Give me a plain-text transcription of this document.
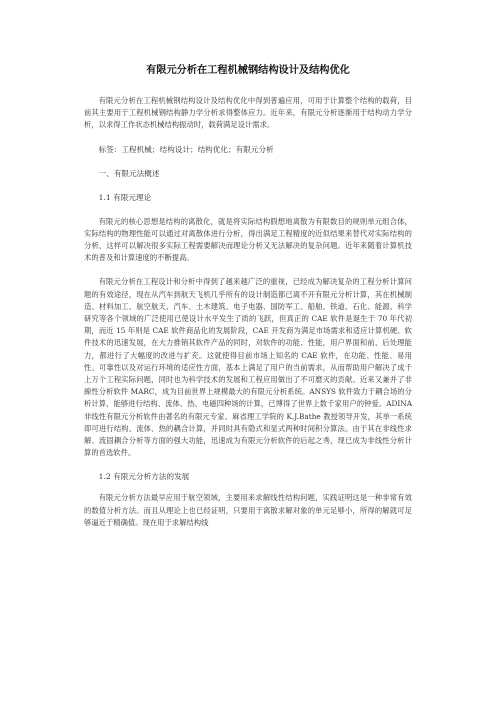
有限元分析在工程机械钢结构设计及结构优化

有限元分析在工程机械钢结构设计及结构优化中得到普遍应用，可用于计算整个结构的载荷，目前其主要用于工程机械钢结构静力学分析求得整体应力。近年来，有限元分析逐渐用于结构动力学分析，以求得工作状态机械结构振动时，载荷满足设计需求。

标签：工程机械；结构设计；结构优化；有限元分析

一、有限元法概述

1.1 有限元理论

有限元的核心思想是结构的离散化，就是将实际结构假想地离散为有限数目的规则单元组合体，实际结构的物理性能可以通过对离散体进行分析，得出满足工程精度的近似结果来替代对实际结构的分析，这样可以解决很多实际工程需要解决而理论分析又无法解决的复杂问题。近年来随着计算机技术的普及和计算速度的不断提高。

有限元分析在工程设计和分析中得到了越来越广泛的重视，已经成为解决复杂的工程分析计算问题的有效途径，现在从汽车到航天飞机几乎所有的设计制造都已离不开有限元分析计算，其在机械制造、材料加工、航空航天、汽车、土木建筑、电子电器、国防军工、船舶、铁道、石化、能源、科学研究等各个领域的广泛使用已使设计水平发生了质的飞跃，但真正的 CAE 软件是诞生于 70 年代初期，而近 15 年则是 CAE 软件商品化的发展阶段，CAE 开发商为满足市场需求和适应计算机硬、软件技术的迅速发展，在大力推销其软件产品的同时，对软件的功能、性能，用户界面和前、后处理能力，都进行了大幅度的改进与扩充。这就使得目前市场上知名的 CAE 软件，在功能、性能、易用性、可靠性以及对运行环境的适应性方面，基本上满足了用户的当前需求，从而帮助用户解决了成千上万个工程实际问题，同时也为科学技术的发展和工程应用做出了不可磨灭的贡献。近来又兼并了非線性分析软件 MARC，成为目前世界上规模最大的有限元分析系统。ANSYS 软件致力于耦合场的分析计算，能够进行结构、流体、热、电磁四种场的计算，已博得了世界上数千家用户的钟爱。ADINA 非线性有限元分析软件由著名的有限元专家、麻省理工学院的 K.J.Bathe 教授领导开发，其单一系统即可进行结构、流体、热的耦合计算，并同时具有隐式和显式两种时间积分算法。由于其在非线性求解、流固耦合分析等方面的强大功能，迅速成为有限元分析软件的后起之秀，现已成为非线性分析计算的首选软件。

1.2 有限元分析方法的发展

有限元分析方法最早应用于航空领域，主要用来求解线性结构问题，实践证明这是一种非常有效的数值分析方法。而且从理论上也已经证明，只要用于离散求解对象的单元足够小，所得的解就可足够逼近于精确值。现在用于求解结构线
